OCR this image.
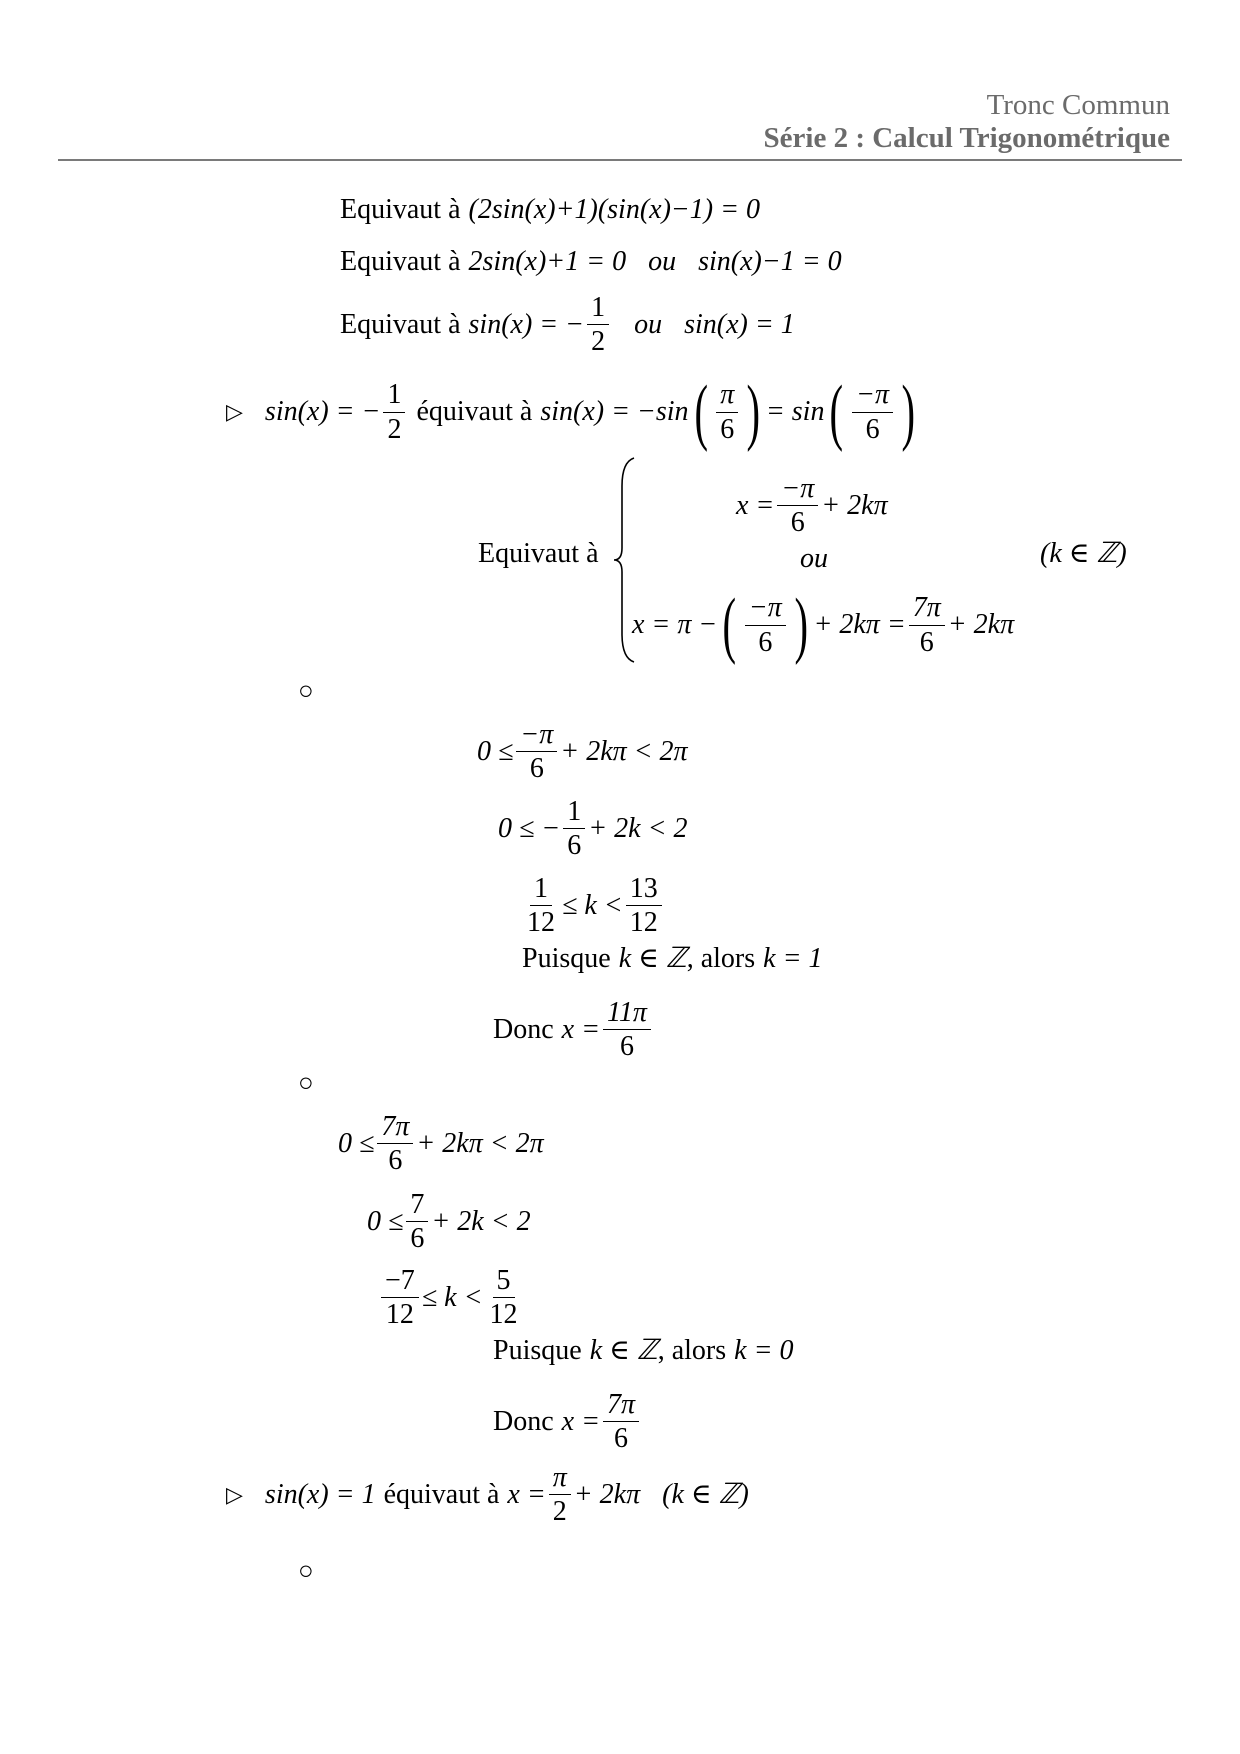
Tronc Commun
Série 2 : Calcul Trigonométrique
Equivaut à (2sin(x)+1)(sin(x)−1) = 0
Equivaut à 2sin(x)+1 = 0 ou sin(x)−1 = 0
Equivaut à sin(x) = − $\frac{1}{2}$ ou sin(x) = 1
▷ sin(x) = − $\frac{1}{2}$ équivaut à sin(x) = −sin ( $\frac{\pi}{6}$ ) = sin ( $\frac{-\pi}{6}$ )
Equivaut à
$x = \frac{-\pi}{6} + 2k\pi$
ou	(k ∈ ℤ)
x = π − ( $\frac{-\pi}{6}$ ) + $2k\pi = \frac{7\pi}{6} + 2k\pi$
○
$0 \le \frac{-\pi}{6} + 2k\pi < 2\pi$
0 ≤ − $\frac{1}{6} + 2k < 2$
$\frac{1}{12} \le k < \frac{13}{12}$
Puisque k ∈ ℤ , alors k = 1
Donc $x = \frac{11\pi}{6}$
○
$0 \le \frac{7\pi}{6} + 2k\pi < 2\pi$
$0 \le \frac{7}{6} + 2k < 2$
$\frac{-7}{12} \le k < \frac{5}{12}$
Puisque k ∈ ℤ , alors k = 0
Donc $x = \frac{7\pi}{6}$
▷ sin(x) = 1 équivaut à $x = \frac{\pi}{2} + 2k\pi$ (k ∈ ℤ)
○
